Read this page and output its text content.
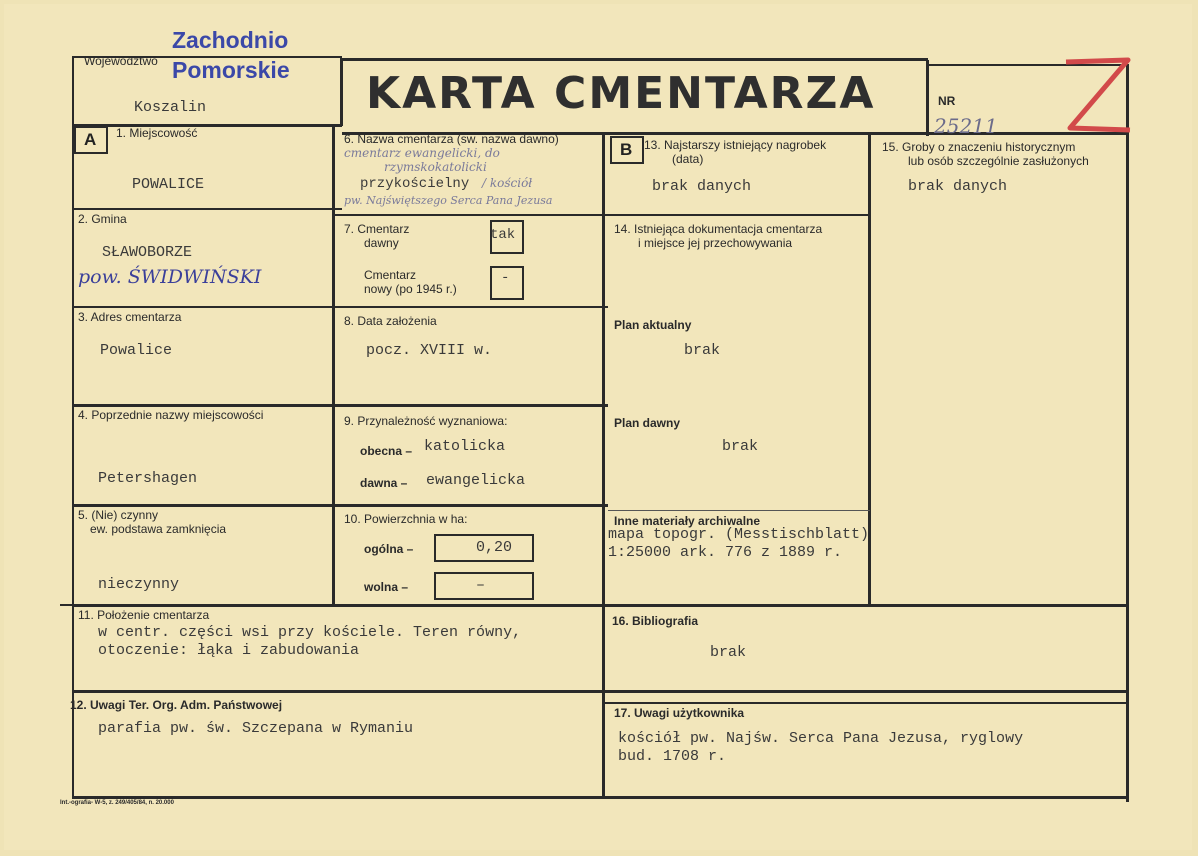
Województwo
Zachodnio
Pomorskie
Koszalin	KARTA CMENTARZA	NR
25211
A 1. Miejscowość
POWALICE
2. Gmina
SŁAWOBORZE
pow. ŚWIDWIŃSKI
3. Adres cmentarza
Powalice
4. Poprzednie nazwy miejscowości
Petershagen
5. (Nie) czynny
ew. podstawa zamknięcia
nieczynny
6. Nazwa cmentarza (sw. nazwa dawno)
cmentarz ewangelicki, do
rzymskokatolicki
przykościelny / kościół
pw. Najświętszego Serca Pana Jezusa
7. Cmentarz
dawny	tak
Cmentarz
nowy (po 1945 r.)
-
8. Data założenia
pocz. XVIII w.
9. Przynależność wyznaniowa:
obecna – katolicka
dawna – ewangelicka
10. Powierzchnia w ha:
ogólna –	0,20
wolna –	–
B 13. Najstarszy istniejący nagrobek
(data)
brak danych
14. Istniejąca dokumentacja cmentarza
i miejsce jej przechowywania
Plan aktualny
brak
Plan dawny
brak
Inne materiały archiwalne
mapa topogr. (Messtischblatt)
1:25000 ark. 776 z 1889 r.
15. Groby o znaczeniu historycznym
lub osób szczególnie zasłużonych
brak danych
11. Położenie cmentarza
w centr. części wsi przy kościele. Teren równy,
otoczenie: łąka i zabudowania
16. Bibliografia
brak
12. Uwagi Ter. Org. Adm. Państwowej
parafia pw. św. Szczepana w Rymaniu
17. Uwagi użytkownika
kościół pw. Najśw. Serca Pana Jezusa, ryglowy
bud. 1708 r.
Int.-ografia- W-5, z. 249/405/84, n. 20.000
